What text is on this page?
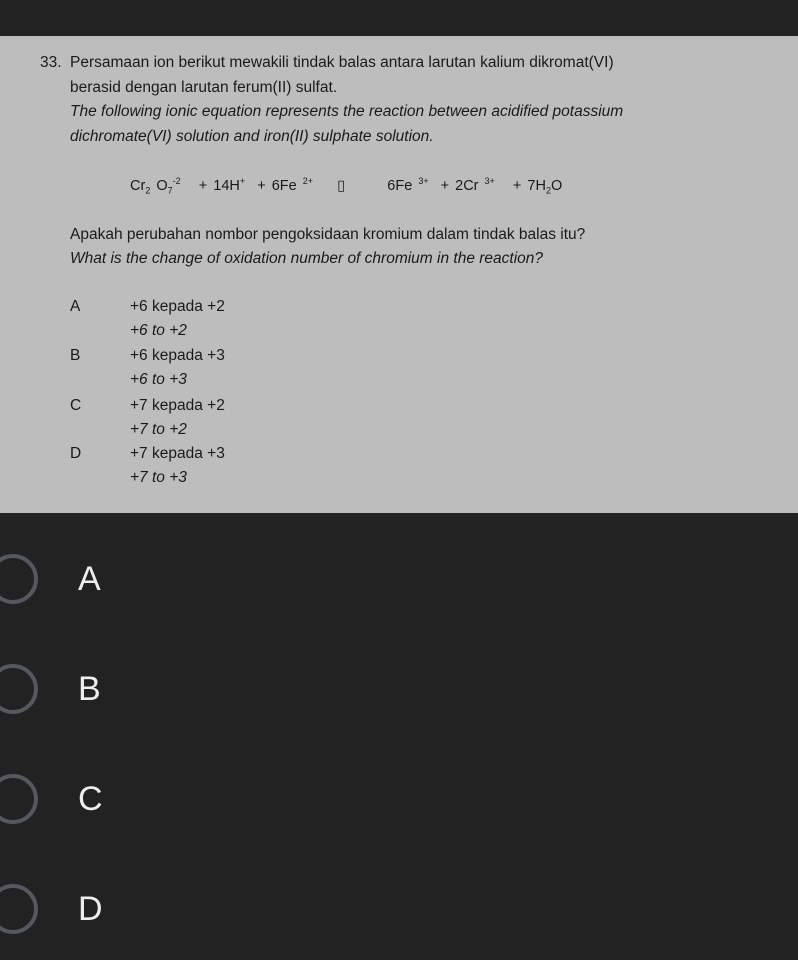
33. Persamaan ion berikut mewakili tindak balas antara larutan kalium dikromat(VI)
berasid dengan larutan ferum(II) sulfat.
The following ionic equation represents the reaction between acidified potassium
dichromate(VI) solution and iron(II) sulphate solution.
$Cr_2$ $O_7^{-2} + 14H^+ + 6Fe$ $^{2+}$ ▯	6Fe $^{3+}$ + 2Cr $^{3+} + 7H_2O$
Apakah perubahan nombor pengoksidaan kromium dalam tindak balas itu?
What is the change of oxidation number of chromium in the reaction?
A	+6 kepada +2
+6 to +2
B	+6 kepada +3
+6 to +3
C	+7 kepada +2
+7 to +2
D	+7 kepada +3
+7 to +3
A
B
C
D
